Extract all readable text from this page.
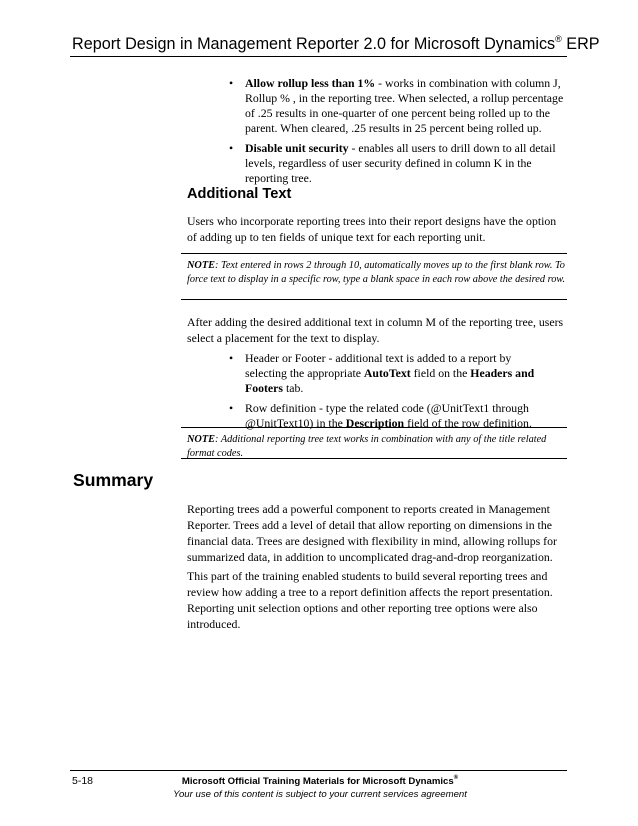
Report Design in Management Reporter 2.0 for Microsoft Dynamics® ERP
• Allow rollup less than 1% - works in combination with column J, Rollup % , in the reporting tree. When selected, a rollup percentage of .25 results in one-quarter of one percent being rolled up to the parent. When cleared, .25 results in 25 percent being rolled up.
• Disable unit security - enables all users to drill down to all detail levels, regardless of user security defined in column K in the reporting tree.
Additional Text

Users who incorporate reporting trees into their report designs have the option of adding up to ten fields of unique text for each reporting unit.

NOTE: Text entered in rows 2 through 10, automatically moves up to the first blank row. To force text to display in a specific row, type a blank space in each row above the desired row.

After adding the desired additional text in column M of the reporting tree, users select a placement for the text to display.

• Header or Footer - additional text is added to a report by selecting the appropriate AutoText field on the Headers and Footers tab.
• Row definition - type the related code (@UnitText1 through @UnitText10) in the Description field of the row definition.
NOTE: Additional reporting tree text works in combination with any of the title related format codes.
Summary

Reporting trees add a powerful component to reports created in Management Reporter. Trees add a level of detail that allow reporting on dimensions in the financial data. Trees are designed with flexibility in mind, allowing rollups for summarized data, in addition to uncomplicated drag-and-drop reorganization.

This part of the training enabled students to build several reporting trees and review how adding a tree to a report definition affects the report presentation. Reporting unit selection options and other reporting tree options were also introduced.

5-18	Microsoft Official Training Materials for Microsoft Dynamics®
Your use of this content is subject to your current services agreement
